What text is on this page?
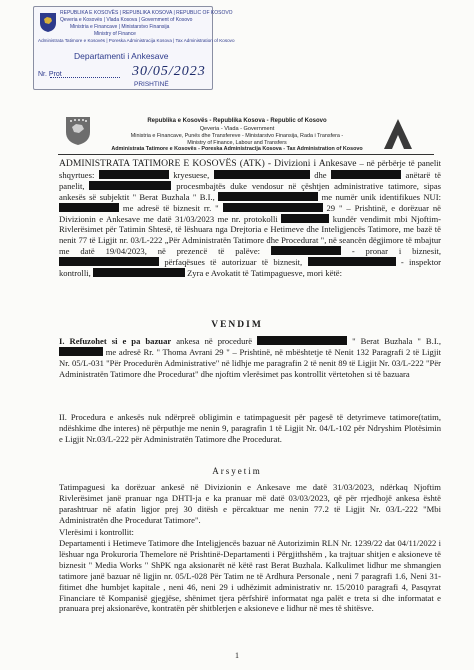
REPUBLIKA E KOSOVËS | REPUBLIKA KOSOVA | REPUBLIC OF KOSOVO
Qeveria e Kosovës | Vlada Kosova | Government of Kosovo
Ministria e Financave | Ministarstvo Finansija
Ministry of Finance
Administrata Tatimore e Kosovës | Poreska Administracija Kosova | Tax Administration of Kosovo
Departamenti i Ankesave
Nr. Prot	30/05/2023
PRISHTINË
Republika e Kosovës - Republika Kosova - Republic of Kosovo
Qeveria - Vlada - Government
Ministria e Financave, Punës dhe Transfereve - Ministarstvo Finansija, Rada i Transfera -
Ministry of Finance, Labour and Transfers
Administrata Tatimore e Kosovës - Poreska Administracija Kosova - Tax Administration of Kosovo
ADMINISTRATA TATIMORE E KOSOVËS (ATK) - Divizioni i Ankesave – në përbërje të panelit shqyrtues:	kryesuese,	dhe	anëtarë të panelit,	procesmbajtës duke vendosur në çështjen administrative tatimore, sipas ankesës së subjektit " Berat Buzhala " B.I.,	me numër unik identifikues NUI:  me adresë të biznesit rr. "	29 " – Prishtinë, e dorëzuar në Divizionin e Ankesave me datë 31/03/2023 me nr. protokolli	kundër vendimit mbi Njoftim-Rivlerësimet për Tatimin Shtesë, të lëshuara nga Drejtoria e Hetimeve dhe Inteligjencës Tatimore, me bazë të nenit 77 të Ligjit nr. 03/L-222 „Për Administratën Tatimore dhe Procedurat ", në seancën dëgjimore të mbajtur me datë 19/04/2023, në prezencë të palëve:	- pronar i biznesit,  përfaqësues të autorizuar të biznesit,	- inspektor kontrolli,	Zyra e Avokatit të Tatimpaguesve, mori këtë:
VENDIM
I. Refuzohet si e pa bazuar ankesa në procedurë	" Berat Buzhala " B.I.,  me adresë Rr. " Thoma Avrani 29 " – Prishtinë, në mbështetje të Nenit 132 Paragrafi 2 të Ligjit Nr. 05/L-031 "Për Procedurën Administrative" në lidhje me paragrafin 2 të nenit 89 të Ligjit Nr. 03/L-222 "Për Administratën Tatimore dhe Procedurat" dhe njoftim vlerësimet pas kontrollit vërtetohen si të bazuara
II. Procedura e ankesës nuk ndërpreë obligimin e tatimpaguesit për pagesë të detyrimeve tatimore(tatim, ndëshkime dhe interes) në përputhje me nenin 9, paragrafin 1 të Ligjit Nr. 04/L-102 për Ndryshim Plotësimin e Ligjit Nr.03/L-222 për Administratën Tatimore dhe Procedurat.
Arsyetim
Tatimpaguesi ka dorëzuar ankesë në Divizionin e Ankesave me datë 31/03/2023, ndërkaq Njoftim Rivlerësimet janë pranuar nga DHTI-ja e ka pranuar më datë 03/03/2023, që për rrjedhojë ankesa është parashtruar në afatin ligjor prej 30 ditësh e përcaktuar me nenin 77.2 të Ligjit Nr. 03/L-222 "Mbi Administratën dhe Procedurat Tatimore".
Vlerësimi i kontrollit:
Departamenti i Hetimeve Tatimore dhe Inteligjencës bazuar në Autorizimin RLN Nr. 1239/22 dat 04/11/2022 i lëshuar nga Prokuroria Themelore në Prishtinë-Departamenti i Përgjithshëm , ka trajtuar shitjen e aksioneve të biznesit " Media Works " ShPK nga aksionarët në këtë rast Berat Buzhala. Kalkulimet lidhur me shmangien tatimore janë bazuar në ligjin nr. 05/L-028 Për Tatim ne të Ardhura Personale , neni 7 paragrafi 1.6, Neni 31-fitimet dhe humbjet kapitale , neni 46, neni 29 i udhëzimit administrativ nr. 15/2010 paragrafi 4, Pasqyrat Financiare të Kompanisë gjegjëse, shënimet tjera përfshirë informatat nga palët e treta si dhe informatat e pranuara prej aksionarëve, kontratën për shitblerjen e aksioneve e lidhur në mes të shitësve.
1
